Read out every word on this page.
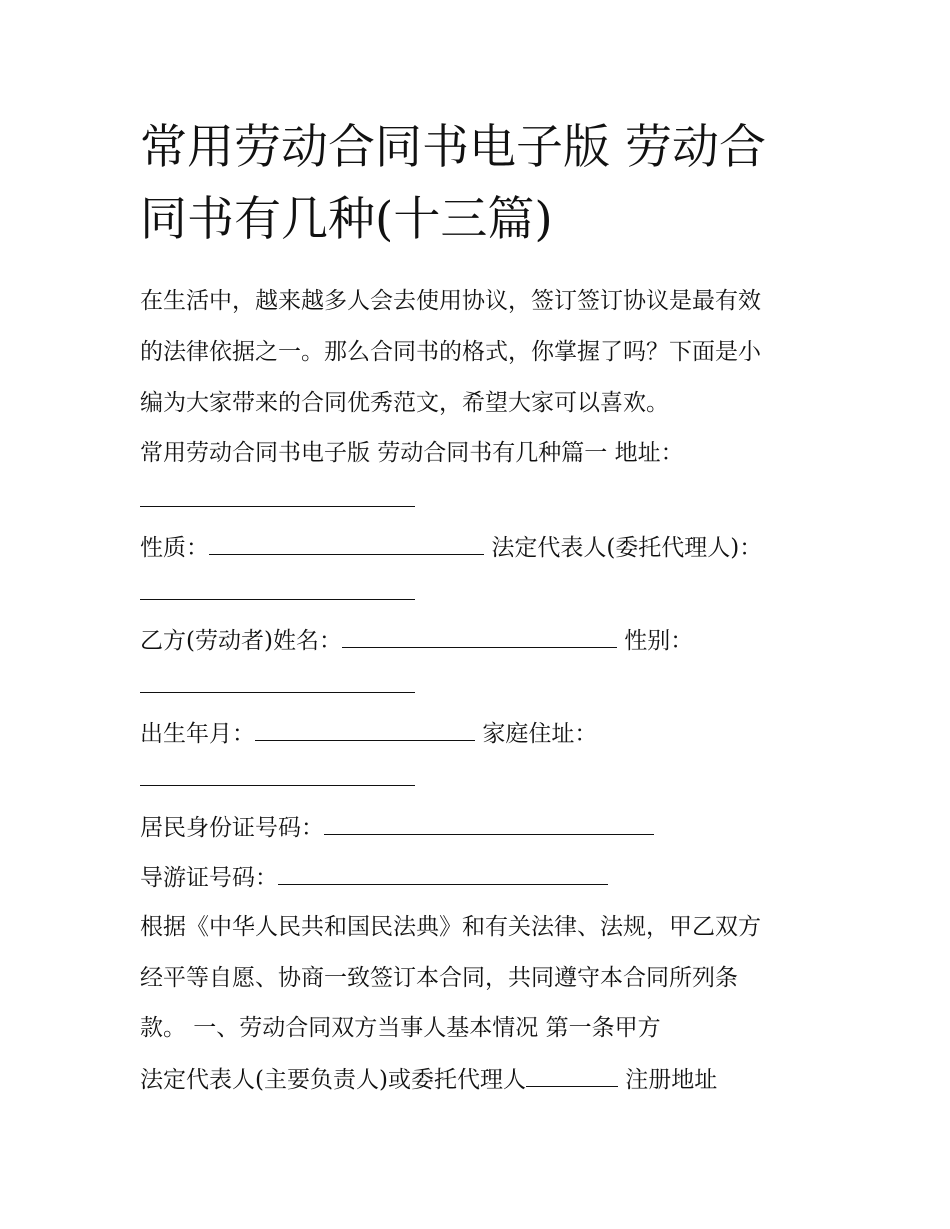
常用劳动合同书电子版 劳动合
同书有几种(十三篇)
在生活中，越来越多人会去使用协议，签订签订协议是最有效
的法律依据之一。那么合同书的格式，你掌握了吗？下面是小
编为大家带来的合同优秀范文，希望大家可以喜欢。
常用劳动合同书电子版 劳动合同书有几种篇一 地址：
性质：	法定代表人(委托代理人)：
乙方(劳动者)姓名：	性别：
出生年月：	家庭住址：
居民身份证号码：
导游证号码：
根据《中华人民共和国民法典》和有关法律、法规，甲乙双方
经平等自愿、协商一致签订本合同，共同遵守本合同所列条
款。 一、劳动合同双方当事人基本情况 第一条甲方
法定代表人(主要负责人)或委托代理人	注册地址
